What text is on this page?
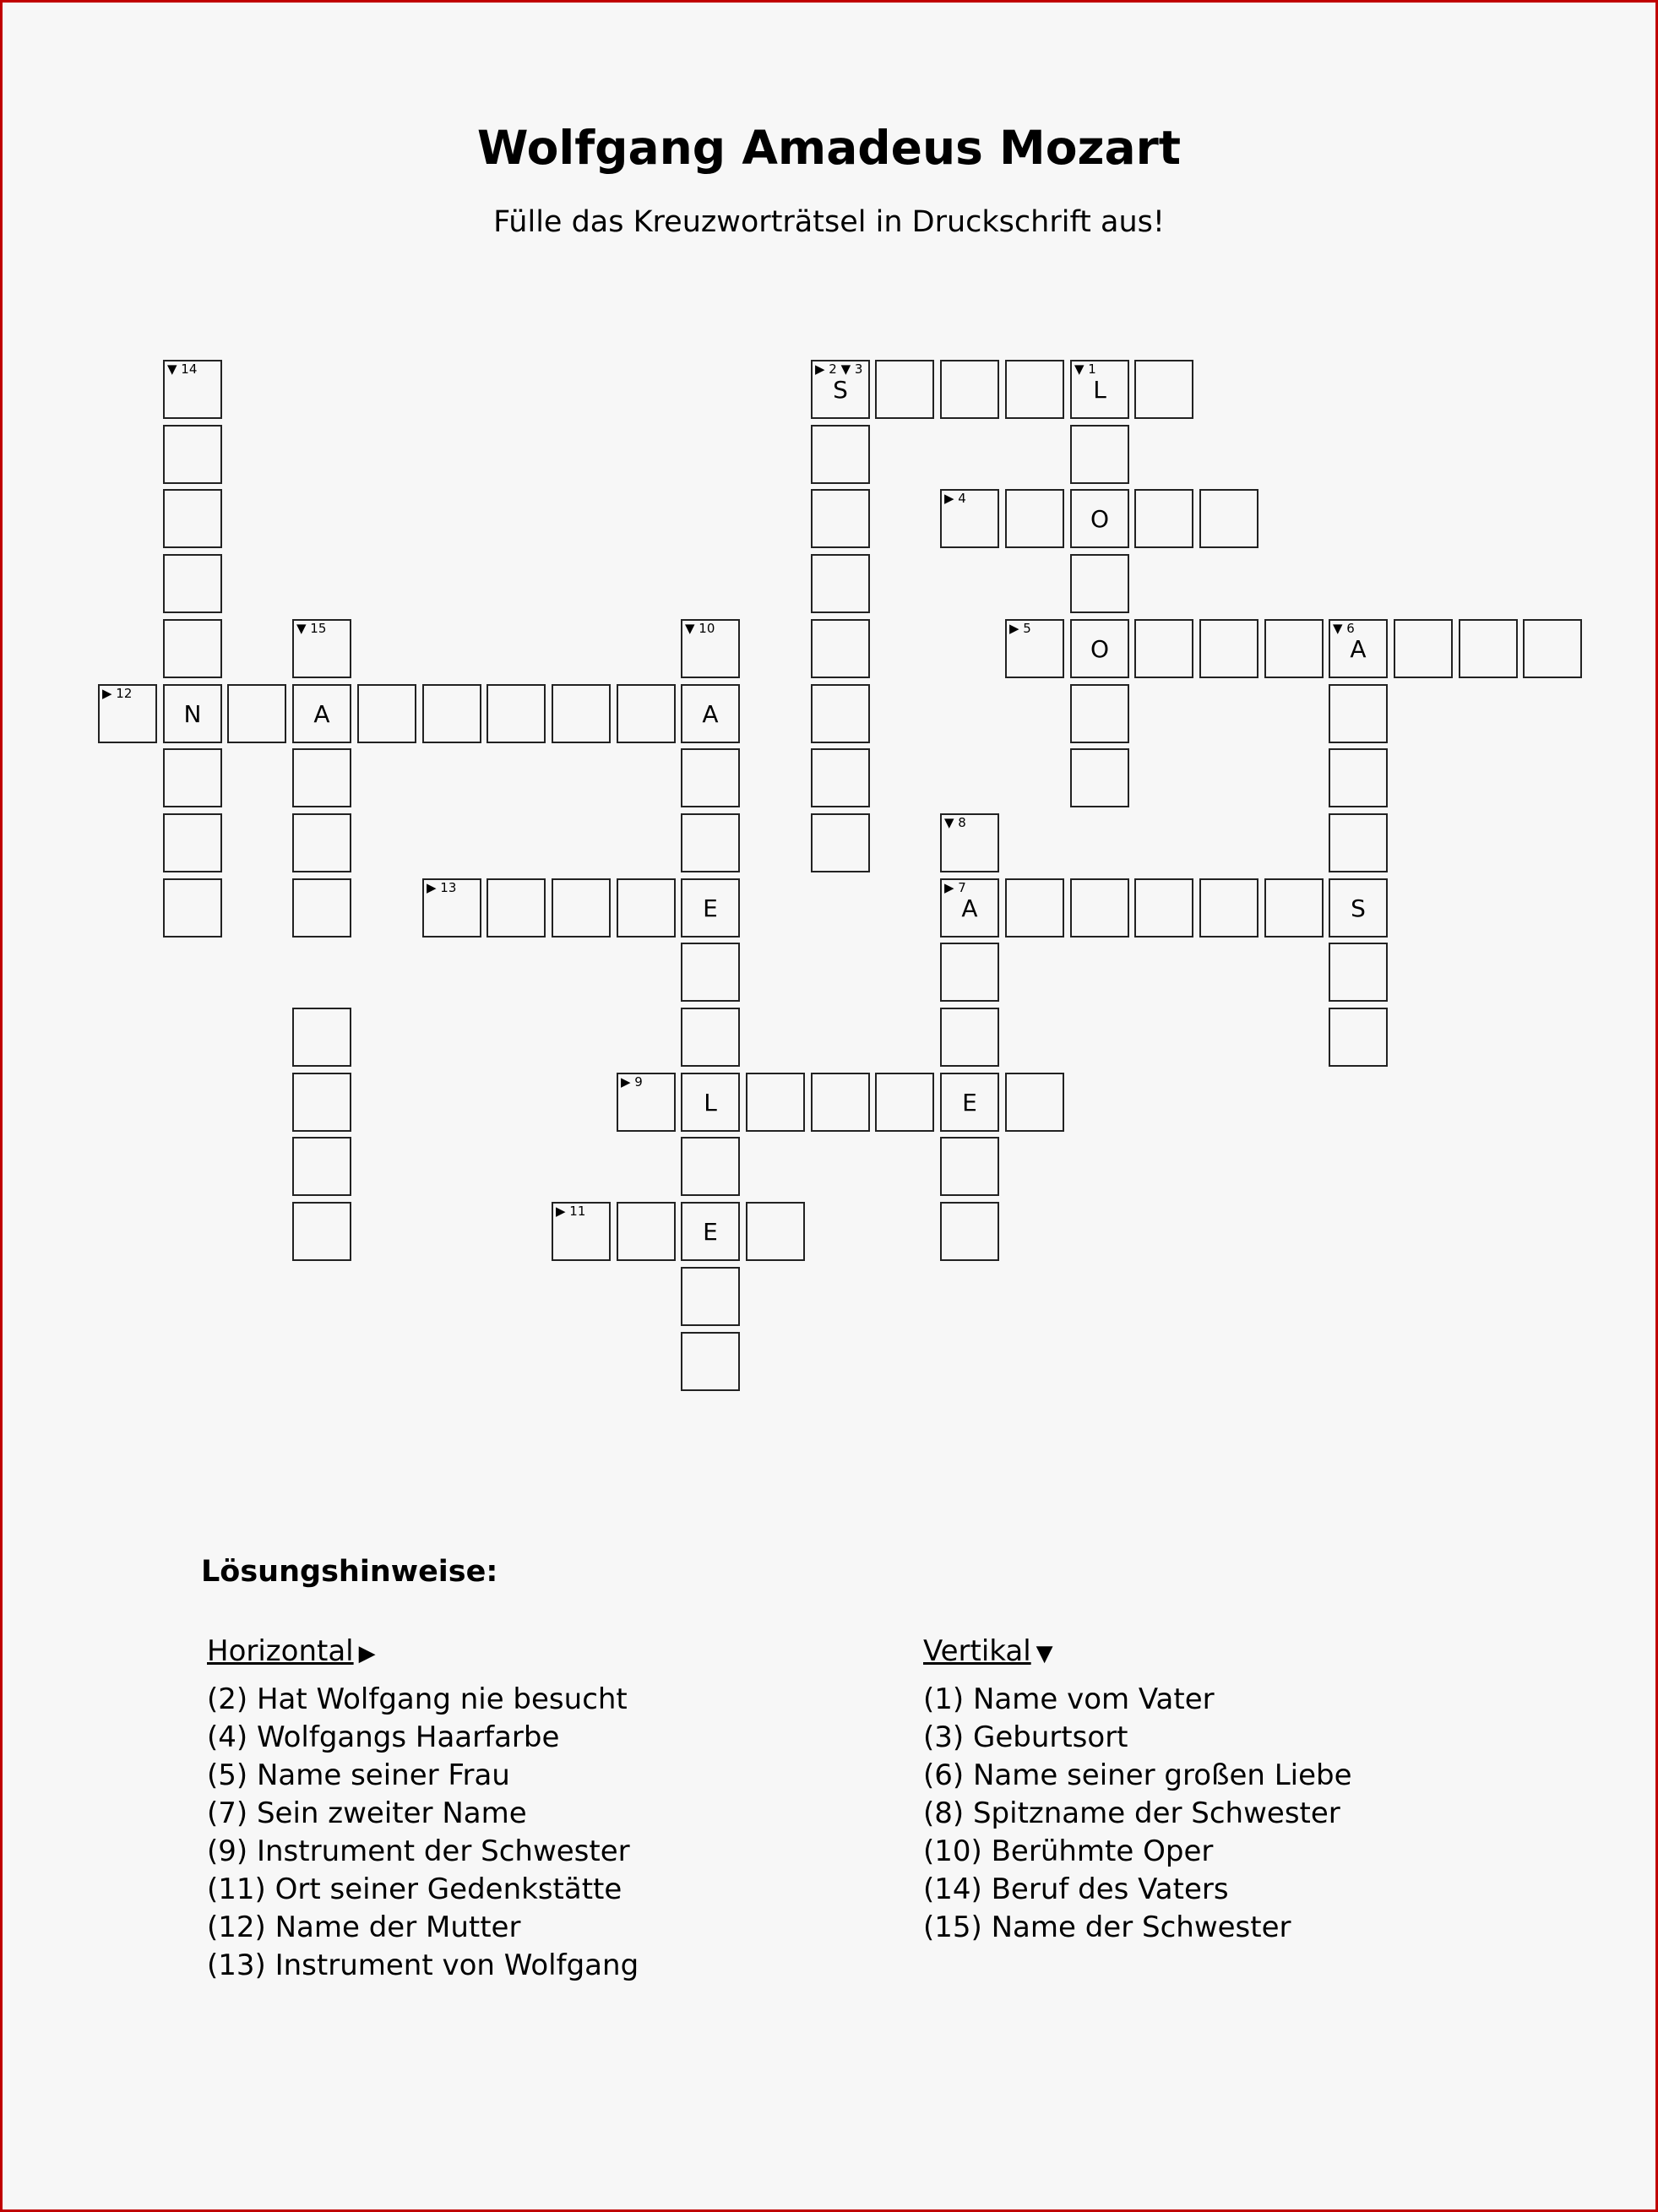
Wolfgang Amadeus Mozart

Fülle das Kreuzworträtsel in Druckschrift aus!

▶ 2 ▼ 3
S
▼ 1
L
▶ 4
O
▶ 5
O
▼ 6
A
▶ 12
N	A	A
▶ 13
E
▶ 7
A	S
▶ 9
L	E
▶ 11
E
▼ 14
▼ 15	▼ 10
▼ 8
Lösungshinweise:
Horizontal ▶

(2) Hat Wolfgang nie besucht

(4) Wolfgangs Haarfarbe

(5) Name seiner Frau

(7) Sein zweiter Name

(9) Instrument der Schwester

(11) Ort seiner Gedenkstätte

(12) Name der Mutter

(13) Instrument von Wolfgang

Vertikal ▼

(1) Name vom Vater

(3) Geburtsort

(6) Name seiner großen Liebe

(8) Spitzname der Schwester

(10) Berühmte Oper

(14) Beruf des Vaters

(15) Name der Schwester
